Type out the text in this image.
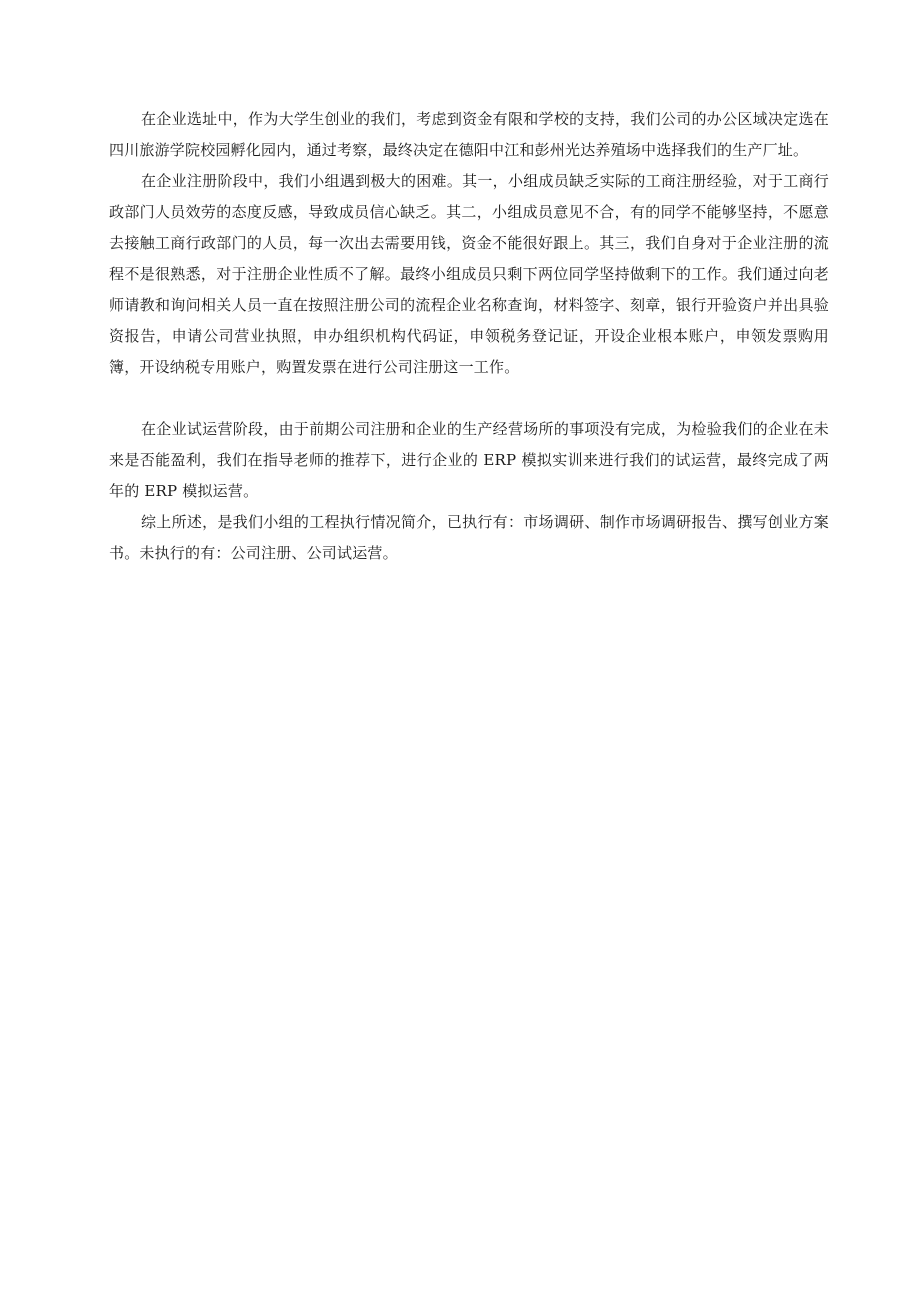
在企业选址中，作为大学生创业的我们，考虑到资金有限和学校的支持，我们公司的办公区域决定选在四川旅游学院校园孵化园内，通过考察，最终决定在德阳中江和彭州光达养殖场中选择我们的生产厂址。

在企业注册阶段中，我们小组遇到极大的困难。其一，小组成员缺乏实际的工商注册经验，对于工商行政部门人员效劳的态度反感，导致成员信心缺乏。其二，小组成员意见不合，有的同学不能够坚持，不愿意去接触工商行政部门的人员，每一次出去需要用钱，资金不能很好跟上。其三，我们自身对于企业注册的流程不是很熟悉，对于注册企业性质不了解。最终小组成员只剩下两位同学坚持做剩下的工作。我们通过向老师请教和询问相关人员一直在按照注册公司的流程企业名称查询，材料签字、刻章，银行开验资户并出具验资报告，申请公司营业执照，申办组织机构代码证，申领税务登记证，开设企业根本账户，申领发票购用簿，开设纳税专用账户，购置发票在进行公司注册这一工作。

在企业试运营阶段，由于前期公司注册和企业的生产经营场所的事项没有完成，为检验我们的企业在未来是否能盈利，我们在指导老师的推荐下，进行企业的 ERP 模拟实训来进行我们的试运营，最终完成了两年的 ERP 模拟运营。

综上所述，是我们小组的工程执行情况简介，已执行有：市场调研、制作市场调研报告、撰写创业方案书。未执行的有：公司注册、公司试运营。
